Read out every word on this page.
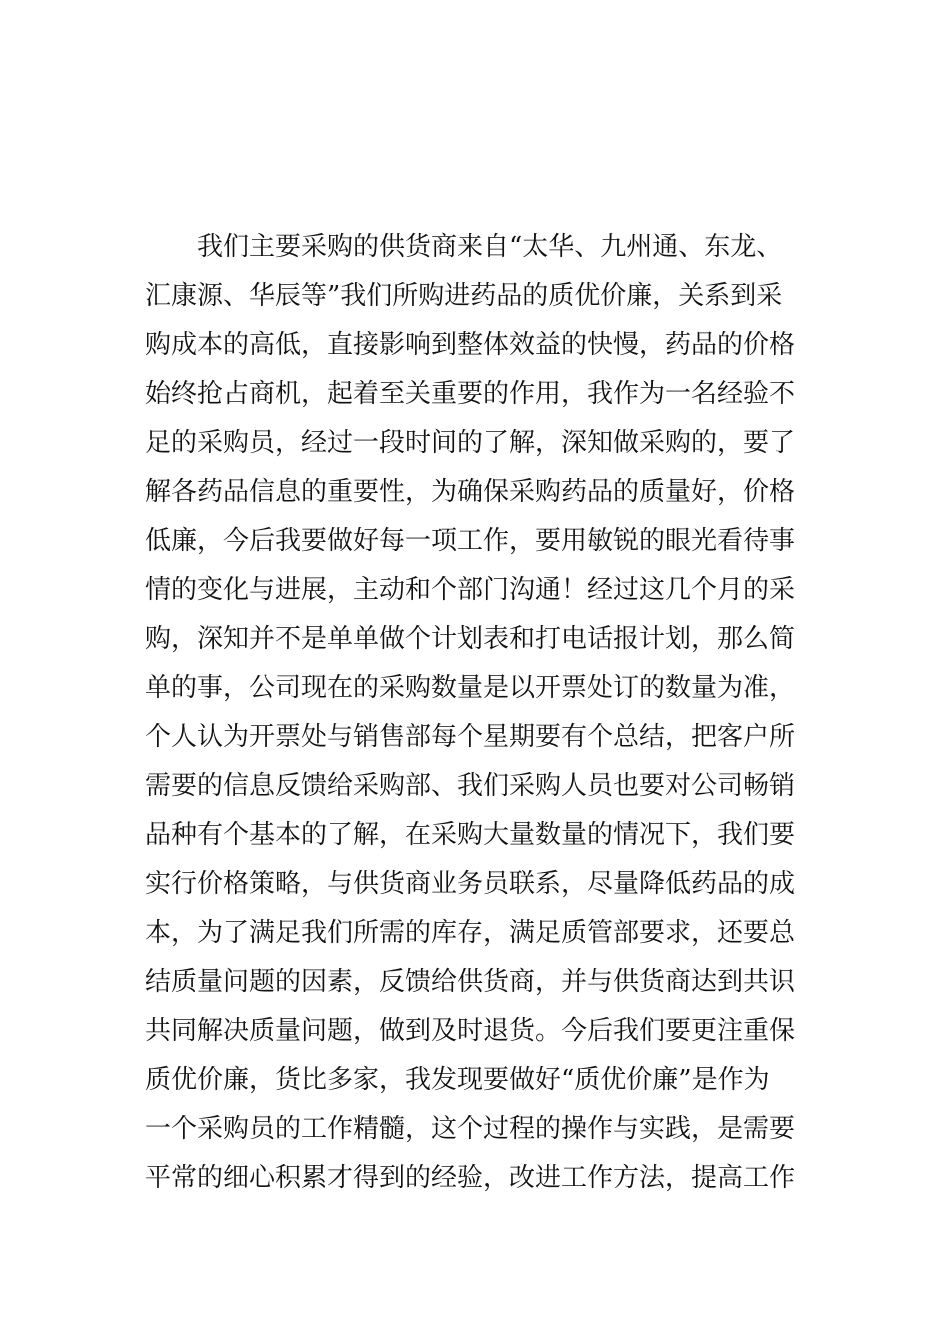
我们主要采购的供货商来自“太华、九州通、东龙、
汇康源、华辰等”我们所购进药品的质优价廉，关系到采
购成本的高低，直接影响到整体效益的快慢，药品的价格
始终抢占商机，起着至关重要的作用，我作为一名经验不
足的采购员，经过一段时间的了解，深知做采购的，要了
解各药品信息的重要性，为确保采购药品的质量好，价格
低廉，今后我要做好每一项工作，要用敏锐的眼光看待事
情的变化与进展，主动和个部门沟通！经过这几个月的采
购，深知并不是单单做个计划表和打电话报计划，那么简
单的事，公司现在的采购数量是以开票处订的数量为准，
个人认为开票处与销售部每个星期要有个总结，把客户所
需要的信息反馈给采购部、我们采购人员也要对公司畅销
品种有个基本的了解，在采购大量数量的情况下，我们要
实行价格策略，与供货商业务员联系，尽量降低药品的成
本，为了满足我们所需的库存，满足质管部要求，还要总
结质量问题的因素，反馈给供货商，并与供货商达到共识
共同解决质量问题，做到及时退货。今后我们要更注重保
质优价廉，货比多家，我发现要做好“质优价廉”是作为
一个采购员的工作精髓，这个过程的操作与实践，是需要
平常的细心积累才得到的经验，改进工作方法，提高工作
